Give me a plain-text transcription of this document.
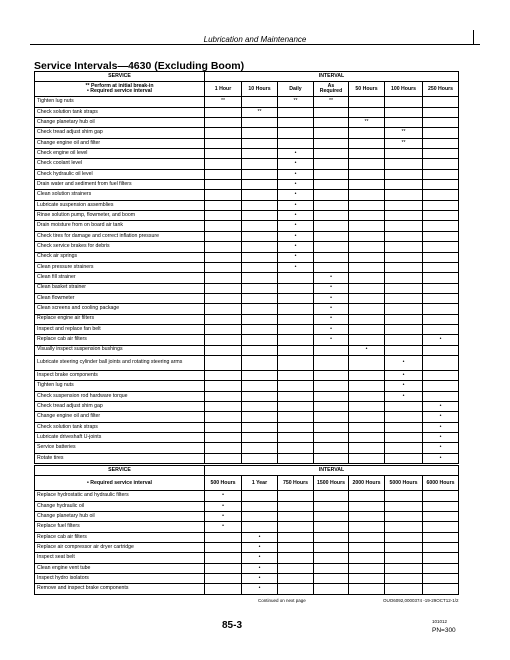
Lubrication and Maintenance
Service Intervals—4630 (Excluding Boom)
SERVICE	INTERVAL						

** Perform at initial break-in
• Required service interval	1 Hour	10 Hours	Daily	As Required	50 Hours	100 Hours	250 Hours
Tighten lug nuts	**		**	**			
Check solution tank straps		**					
Change planetary hub oil					**		
Check tread adjust shim gap						**	
Change engine oil and filter						**	
Check engine oil level			•				
Check coolant level			•				
Check hydraulic oil level			•				
Drain water and sediment from fuel filters			•				
Clean solution strainers			•				
Lubricate suspension assemblies			•				
Rinse solution pump, flowmeter, and boom			•				
Drain moisture from on board air tank			•				
Check tires for damage and correct inflation pressure			•				
Check service brakes for debris			•				
Check air springs			•				
Clean pressure strainers			•				
Clean fill strainer				•			
Clean basket strainer				•			
Clean flowmeter				•			
Clean screens and cooling package				•			
Replace engine air filters				•			
Inspect and replace fan belt				•			
Replace cab air filters				•			•
Visually inspect suspension bushings					•		
Lubricate steering cylinder ball joints and rotating steering arms						•	
Inspect brake components						•	
Tighten lug nuts						•	
Check suspension rod hardware torque						•	
Check tread adjust shim gap							•
Change engine oil and filter							•
Check solution tank straps							•
Lubricate driveshaft U-joints							•
Service batteries							•
Rotate tires							•
SERVICE	INTERVAL						
• Required service interval	500 Hours	1 Year	750 Hours	1500 Hours	2000 Hours	5000 Hours	6000 Hours
Replace hydrostatic and hydraulic filters	•						
Change hydraulic oil	•						
Change planetary hub oil	•						
Replace fuel filters	•						
Replace cab air filters		•					
Replace air compressor air dryer cartridge		•					
Inspect seat belt		•					
Clean engine vent tube		•					
Inspect hydro isolators		•					
Remove and inspect brake components		•					
Continued on next page	OUO6092,0000374 -19-29OCT12-1/2
85-3	101012
PN=300
